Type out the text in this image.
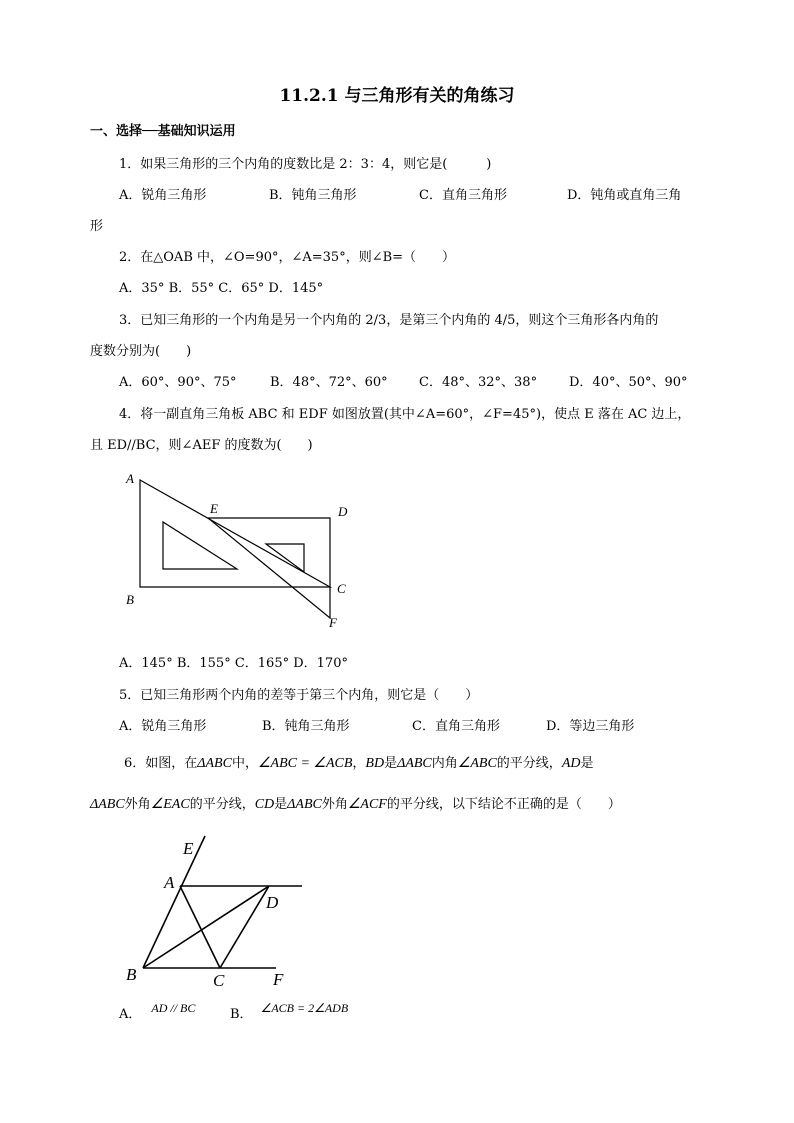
11.2.1 与三角形有关的角练习
一、选择──基础知识运用
1．如果三角形的三个内角的度数比是 2：3：4，则它是(　　　)
A．锐角三角形	B．钝角三角形	C．直角三角形	D．钝角或直角三角
形
2．在△OAB 中，∠O=90°，∠A=35°，则∠B=（　　）
A．35° B．55° C．65° D．145°
3．已知三角形的一个内角是另一个内角的 2/3，是第三个内角的 4/5，则这个三角形各内角的
度数分别为(　　)
A．60°、90°、75°	B．48°、72°、60° C．48°、32°、38° D．40°、50°、90°
4．将一副直角三角板 ABC 和 EDF 如图放置(其中∠A=60°，∠F=45°)，使点 E 落在 AC 边上，
且 ED//BC，则∠AEF 的度数为(　　)
A
B
C
D
E
F
A．145° B．155° C．165° D．170°
5．已知三角形两个内角的差等于第三个内角，则它是（　　）
A．锐角三角形	B．钝角三角形	C．直角三角形	D．等边三角形
6．如图，在ΔABC中，∠ABC = ∠ACB，BD是ΔABC内角∠ABC的平分线，AD是
ΔABC外角∠EAC的平分线，CD是ΔABC外角∠ACF的平分线，以下结论不正确的是（　　）
E
A
B	C
D
F
A． AD // BC	B． ∠ACB = 2∠ADB
